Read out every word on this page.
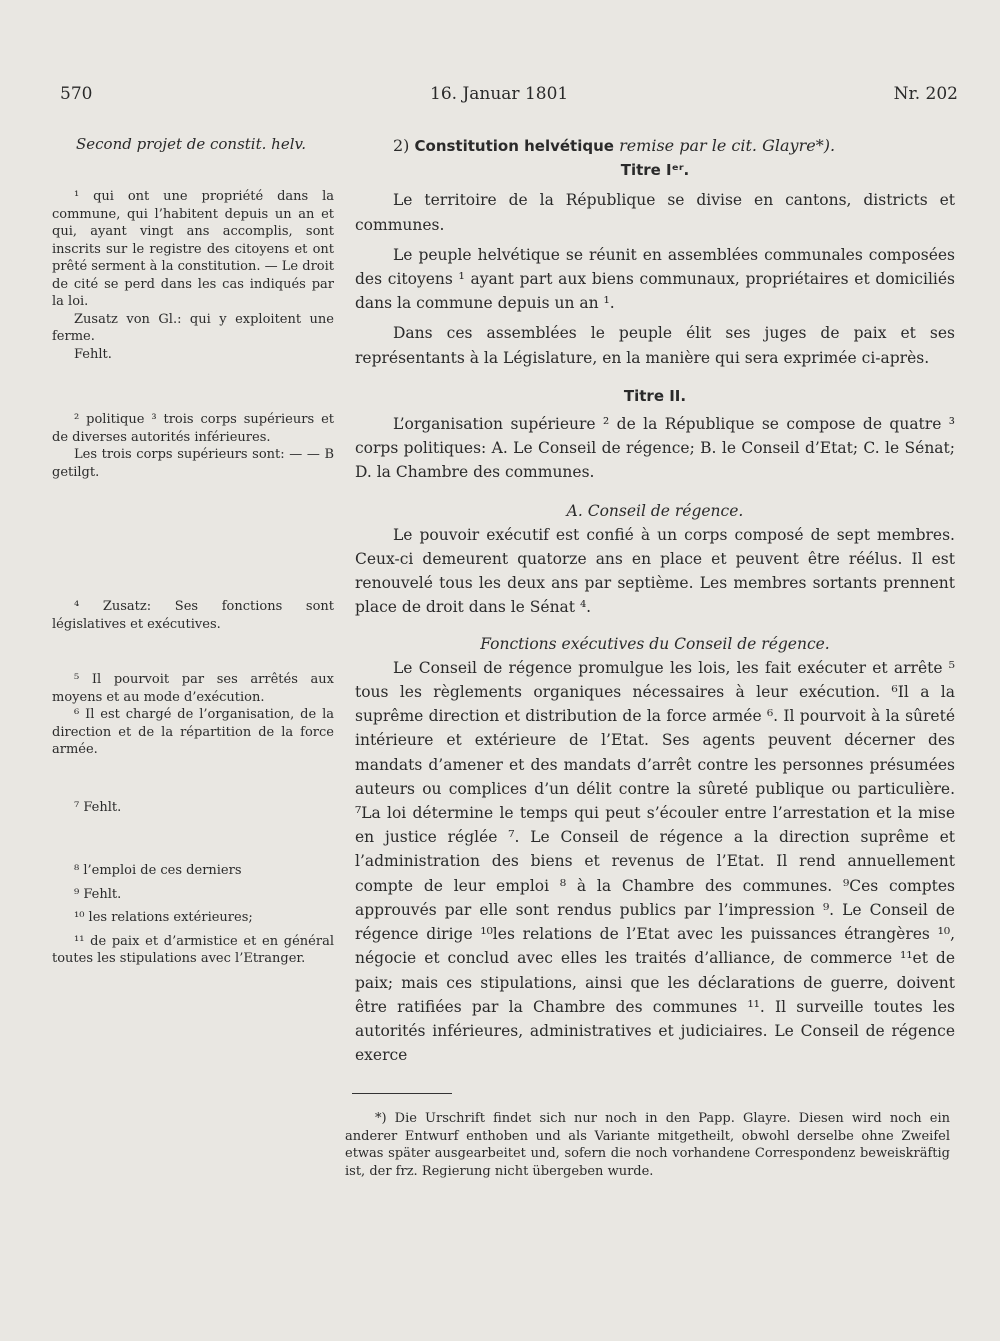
570	16. Januar 1801	Nr. 202

Second projet de constit. helv.

¹ qui ont une propriété dans la commune, qui l’habitent depuis un an et qui, ayant vingt ans accomplis, sont inscrits sur le registre des citoyens et ont prêté serment à la constitution. — Le droit de cité se perd dans les cas indiqués par la loi.

Zusatz von Gl.: qui y exploitent une ferme.

Fehlt.

² politique ³ trois corps supérieurs et de diverses autorités inférieures.

Les trois corps supérieurs sont: — — B getilgt.

⁴ Zusatz: Ses fonctions sont législatives et exécutives.

⁵ Il pourvoit par ses arrêtés aux moyens et au mode d’exécution.

⁶ Il est chargé de l’organisation, de la direction et de la répartition de la force armée.

⁷ Fehlt.

⁸ l’emploi de ces derniers

⁹ Fehlt.

¹⁰ les relations extérieures;

¹¹ de paix et d’armistice et en général toutes les stipulations avec l’Etranger.

2) Constitution helvétique remise par le cit. Glayre*).

Titre Iᵉʳ.

Le territoire de la République se divise en cantons, districts et communes.

Le peuple helvétique se réunit en assemblées communales composées des citoyens ¹ ayant part aux biens communaux, propriétaires et domiciliés dans la commune depuis un an ¹.

Dans ces assemblées le peuple élit ses juges de paix et ses représentants à la Législature, en la manière qui sera exprimée ci-après.

Titre II.

L’organisation supérieure ² de la République se compose de quatre ³ corps politiques: A. Le Conseil de régence; B. le Conseil d’Etat; C. le Sénat; D. la Chambre des communes.

A. Conseil de régence.

Le pouvoir exécutif est confié à un corps composé de sept membres. Ceux-ci demeurent quatorze ans en place et peuvent être réélus. Il est renouvelé tous les deux ans par septième. Les membres sortants prennent place de droit dans le Sénat ⁴.

Fonctions exécutives du Conseil de régence.

Le Conseil de régence promulgue les lois, les fait exécuter et arrête ⁵ tous les règlements organiques nécessaires à leur exécution. ⁶Il a la suprême direction et distribution de la force armée ⁶. Il pourvoit à la sûreté intérieure et extérieure de l’Etat. Ses agents peuvent décerner des mandats d’amener et des mandats d’arrêt contre les personnes présumées auteurs ou complices d’un délit contre la sûreté publique ou particulière. ⁷La loi détermine le temps qui peut s’écouler entre l’arrestation et la mise en justice réglée ⁷. Le Conseil de régence a la direction suprême et l’administration des biens et revenus de l’Etat. Il rend annuellement compte de leur emploi ⁸ à la Chambre des communes. ⁹Ces comptes approuvés par elle sont rendus publics par l’impression ⁹. Le Conseil de régence dirige ¹⁰les relations de l’Etat avec les puissances étrangères ¹⁰, négocie et conclud avec elles les traités d’alliance, de commerce ¹¹et de paix; mais ces stipulations, ainsi que les déclarations de guerre, doivent être ratifiées par la Chambre des communes ¹¹. Il surveille toutes les autorités inférieures, administratives et judiciaires. Le Conseil de régence exerce

*) Die Urschrift findet sich nur noch in den Papp. Glayre. Diesen wird noch ein anderer Entwurf enthoben und als Variante mitgetheilt, obwohl derselbe ohne Zweifel etwas später ausgearbeitet und, sofern die noch vorhandene Correspondenz beweiskräftig ist, der frz. Regierung nicht übergeben wurde.
